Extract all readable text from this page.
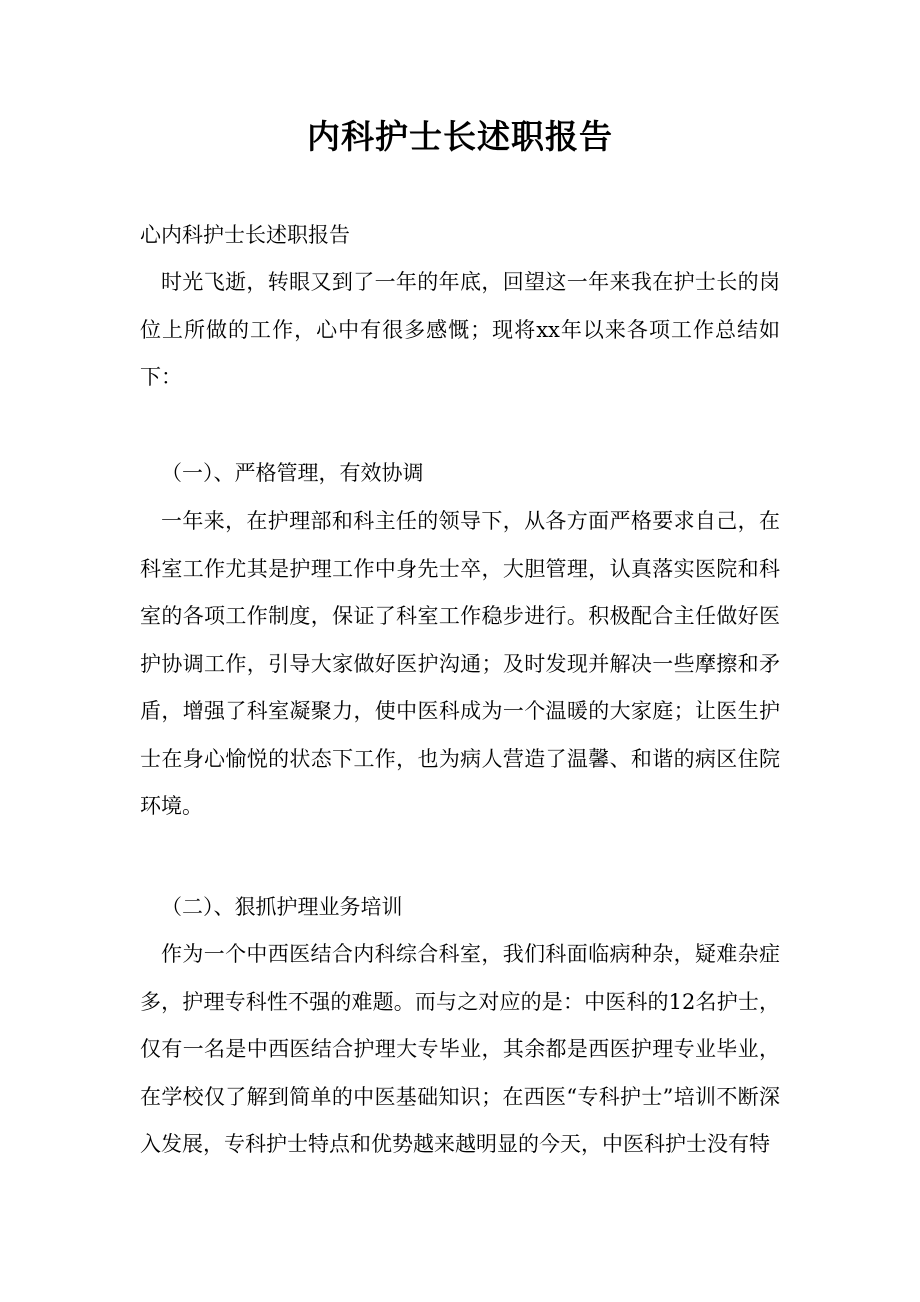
内科护士长述职报告

心内科护士长述职报告

时光飞逝，转眼又到了一年的年底，回望这一年来我在护士长的岗位上所做的工作，心中有很多感慨；现将xx年以来各项工作总结如下：

（一）、严格管理，有效协调

一年来，在护理部和科主任的领导下，从各方面严格要求自己，在科室工作尤其是护理工作中身先士卒，大胆管理，认真落实医院和科室的各项工作制度，保证了科室工作稳步进行。积极配合主任做好医护协调工作，引导大家做好医护沟通；及时发现并解决一些摩擦和矛盾，增强了科室凝聚力，使中医科成为一个温暖的大家庭；让医生护士在身心愉悦的状态下工作，也为病人营造了温馨、和谐的病区住院环境。

（二）、狠抓护理业务培训

作为一个中西医结合内科综合科室，我们科面临病种杂，疑难杂症多，护理专科性不强的难题。而与之对应的是：中医科的12名护士，仅有一名是中西医结合护理大专毕业，其余都是西医护理专业毕业，在学校仅了解到简单的中医基础知识；在西医“专科护士”培训不断深入发展，专科护士特点和优势越来越明显的今天，中医科护士没有特
